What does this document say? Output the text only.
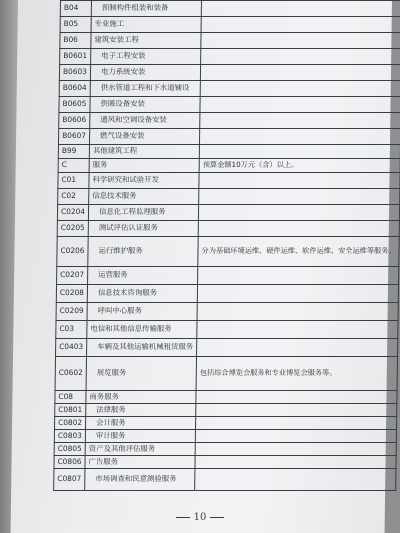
B04	预制构件组装和装备	
B05	专业施工	
B06	建筑安装工程	
B0601	电子工程安装	
B0603	电力系统安装	
B0604	供水管道工程和下水道铺设	
B0605	供暖设备安装	
B0606	通风和空调设备安装	
B0607	燃气设备安装	
B99	其他建筑工程	
C	服务	预算金额10万元（含）以上。
C01	科学研究和试验开发	
C02	信息技术服务	
C0204	信息化工程监理服务	
C0205	测试评估认证服务	
C0206	运行维护服务	分为基础环境运维、硬件运维、软件运维、安全运维等服务。
C0207	运营服务	
C0208	信息技术咨询服务	
C0209	呼叫中心服务	
C03	电信和其他信息传输服务	
C0403	车辆及其他运输机械租赁服务	
C0602	展览服务	包括综合博览会服务和专业博览会服务等。
C08	商务服务	
C0801	法律服务	
C0802	会计服务	
C0803	审计服务	
C0805	资产及其他评估服务	
C0806	广告服务	
C0807	市场调查和民意测验服务	
10
